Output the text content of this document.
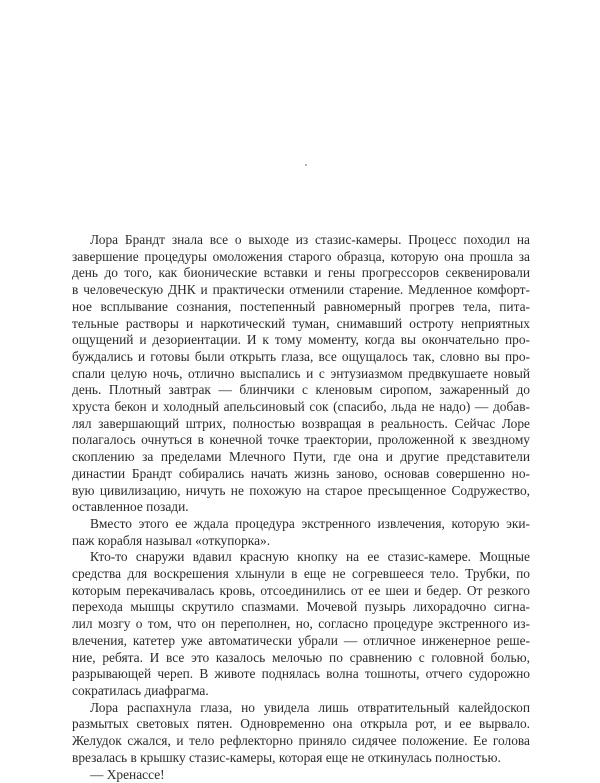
Лора Брандт знала все о выходе из стазис-камеры. Процесс походил на
завершение процедуры омоложения старого образца, которую она прошла за
день до того, как бионические вставки и гены прогрессоров секвенировали
в человеческую ДНК и практически отменили старение. Медленное комфорт-
ное всплывание сознания, постепенный равномерный прогрев тела, пита-
тельные растворы и наркотический туман, снимавший остроту неприятных
ощущений и дезориентации. И к тому моменту, когда вы окончательно про-
буждались и готовы были открыть глаза, все ощущалось так, словно вы про-
спали целую ночь, отлично выспались и с энтузиазмом предвкушаете новый
день. Плотный завтрак — блинчики с кленовым сиропом, зажаренный до
хруста бекон и холодный апельсиновый сок (спасибо, льда не надо) — добав-
лял завершающий штрих, полностью возвращая в реальность. Сейчас Лоре
полагалось очнуться в конечной точке траектории, проложенной к звездному
скоплению за пределами Млечного Пути, где она и другие представители
династии Брандт собирались начать жизнь заново, основав совершенно но-
вую цивилизацию, ничуть не похожую на старое пресыщенное Содружество,
оставленное позади.
Вместо этого ее ждала процедура экстренного извлечения, которую эки-
паж корабля называл «откупорка».
Кто-то снаружи вдавил красную кнопку на ее стазис-камере. Мощные
средства для воскрешения хлынули в еще не согревшееся тело. Трубки, по
которым перекачивалась кровь, отсоединились от ее шеи и бедер. От резкого
перехода мышцы скрутило спазмами. Мочевой пузырь лихорадочно сигна-
лил мозгу о том, что он переполнен, но, согласно процедуре экстренного из-
влечения, катетер уже автоматически убрали — отличное инженерное реше-
ние, ребята. И все это казалось мелочью по сравнению с головной болью,
разрывающей череп. В животе поднялась волна тошноты, отчего судорожно
сократилась диафрагма.
Лора распахнула глаза, но увидела лишь отвратительный калейдоскоп
размытых световых пятен. Одновременно она открыла рот, и ее вырвало.
Желудок сжался, и тело рефлекторно приняло сидячее положение. Ее голова
врезалась в крышку стазис-камеры, которая еще не откинулась полностью.
— Хренассе!
